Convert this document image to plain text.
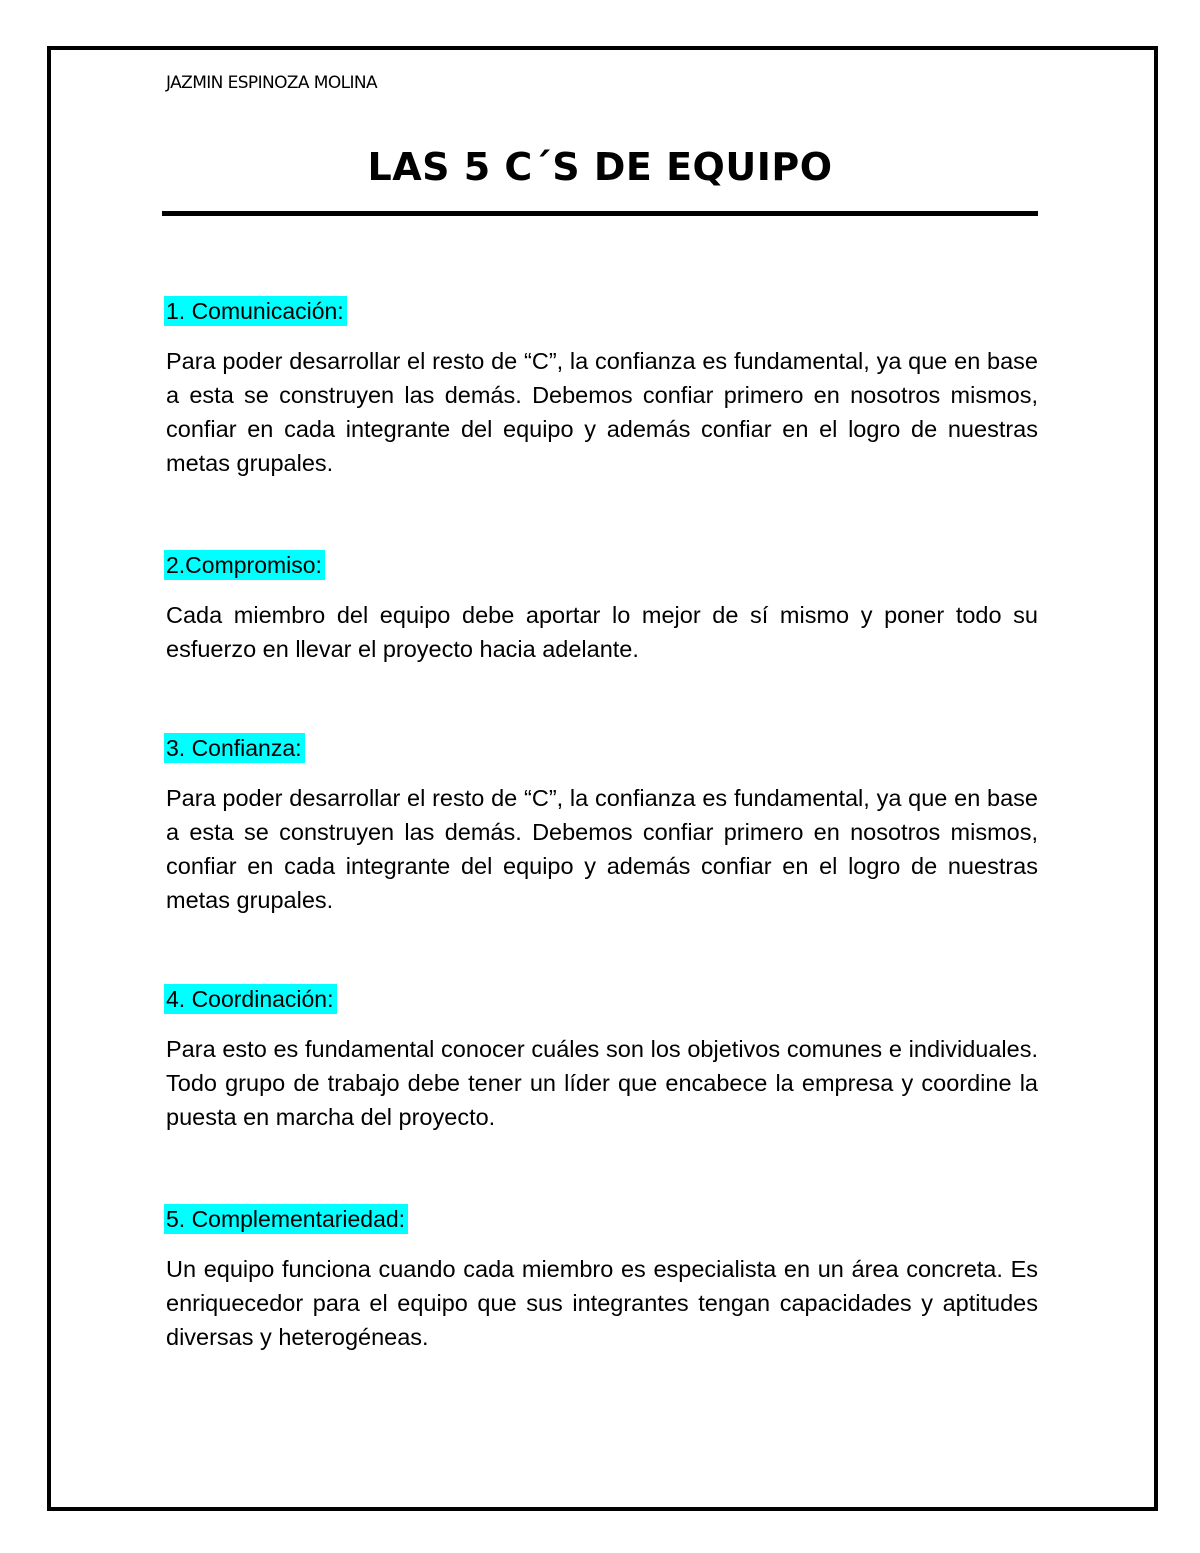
JAZMIN ESPINOZA MOLINA
LAS 5 C´S DE EQUIPO
1. Comunicación:
Para poder desarrollar el resto de “C”, la confianza es fundamental, ya que en base a esta se construyen las demás. Debemos confiar primero en nosotros mismos, confiar en cada integrante del equipo y además confiar en el logro de nuestras metas grupales.
2.Compromiso:
Cada miembro del equipo debe aportar lo mejor de sí mismo y poner todo su esfuerzo en llevar el proyecto hacia adelante.
3. Confianza:
Para poder desarrollar el resto de “C”, la confianza es fundamental, ya que en base a esta se construyen las demás. Debemos confiar primero en nosotros mismos, confiar en cada integrante del equipo y además confiar en el logro de nuestras metas grupales.
4. Coordinación:
Para esto es fundamental conocer cuáles son los objetivos comunes e individuales. Todo grupo de trabajo debe tener un líder que encabece la empresa y coordine la puesta en marcha del proyecto.
5. Complementariedad:
Un equipo funciona cuando cada miembro es especialista en un área concreta. Es enriquecedor para el equipo que sus integrantes tengan capacidades y aptitudes diversas y heterogéneas.
